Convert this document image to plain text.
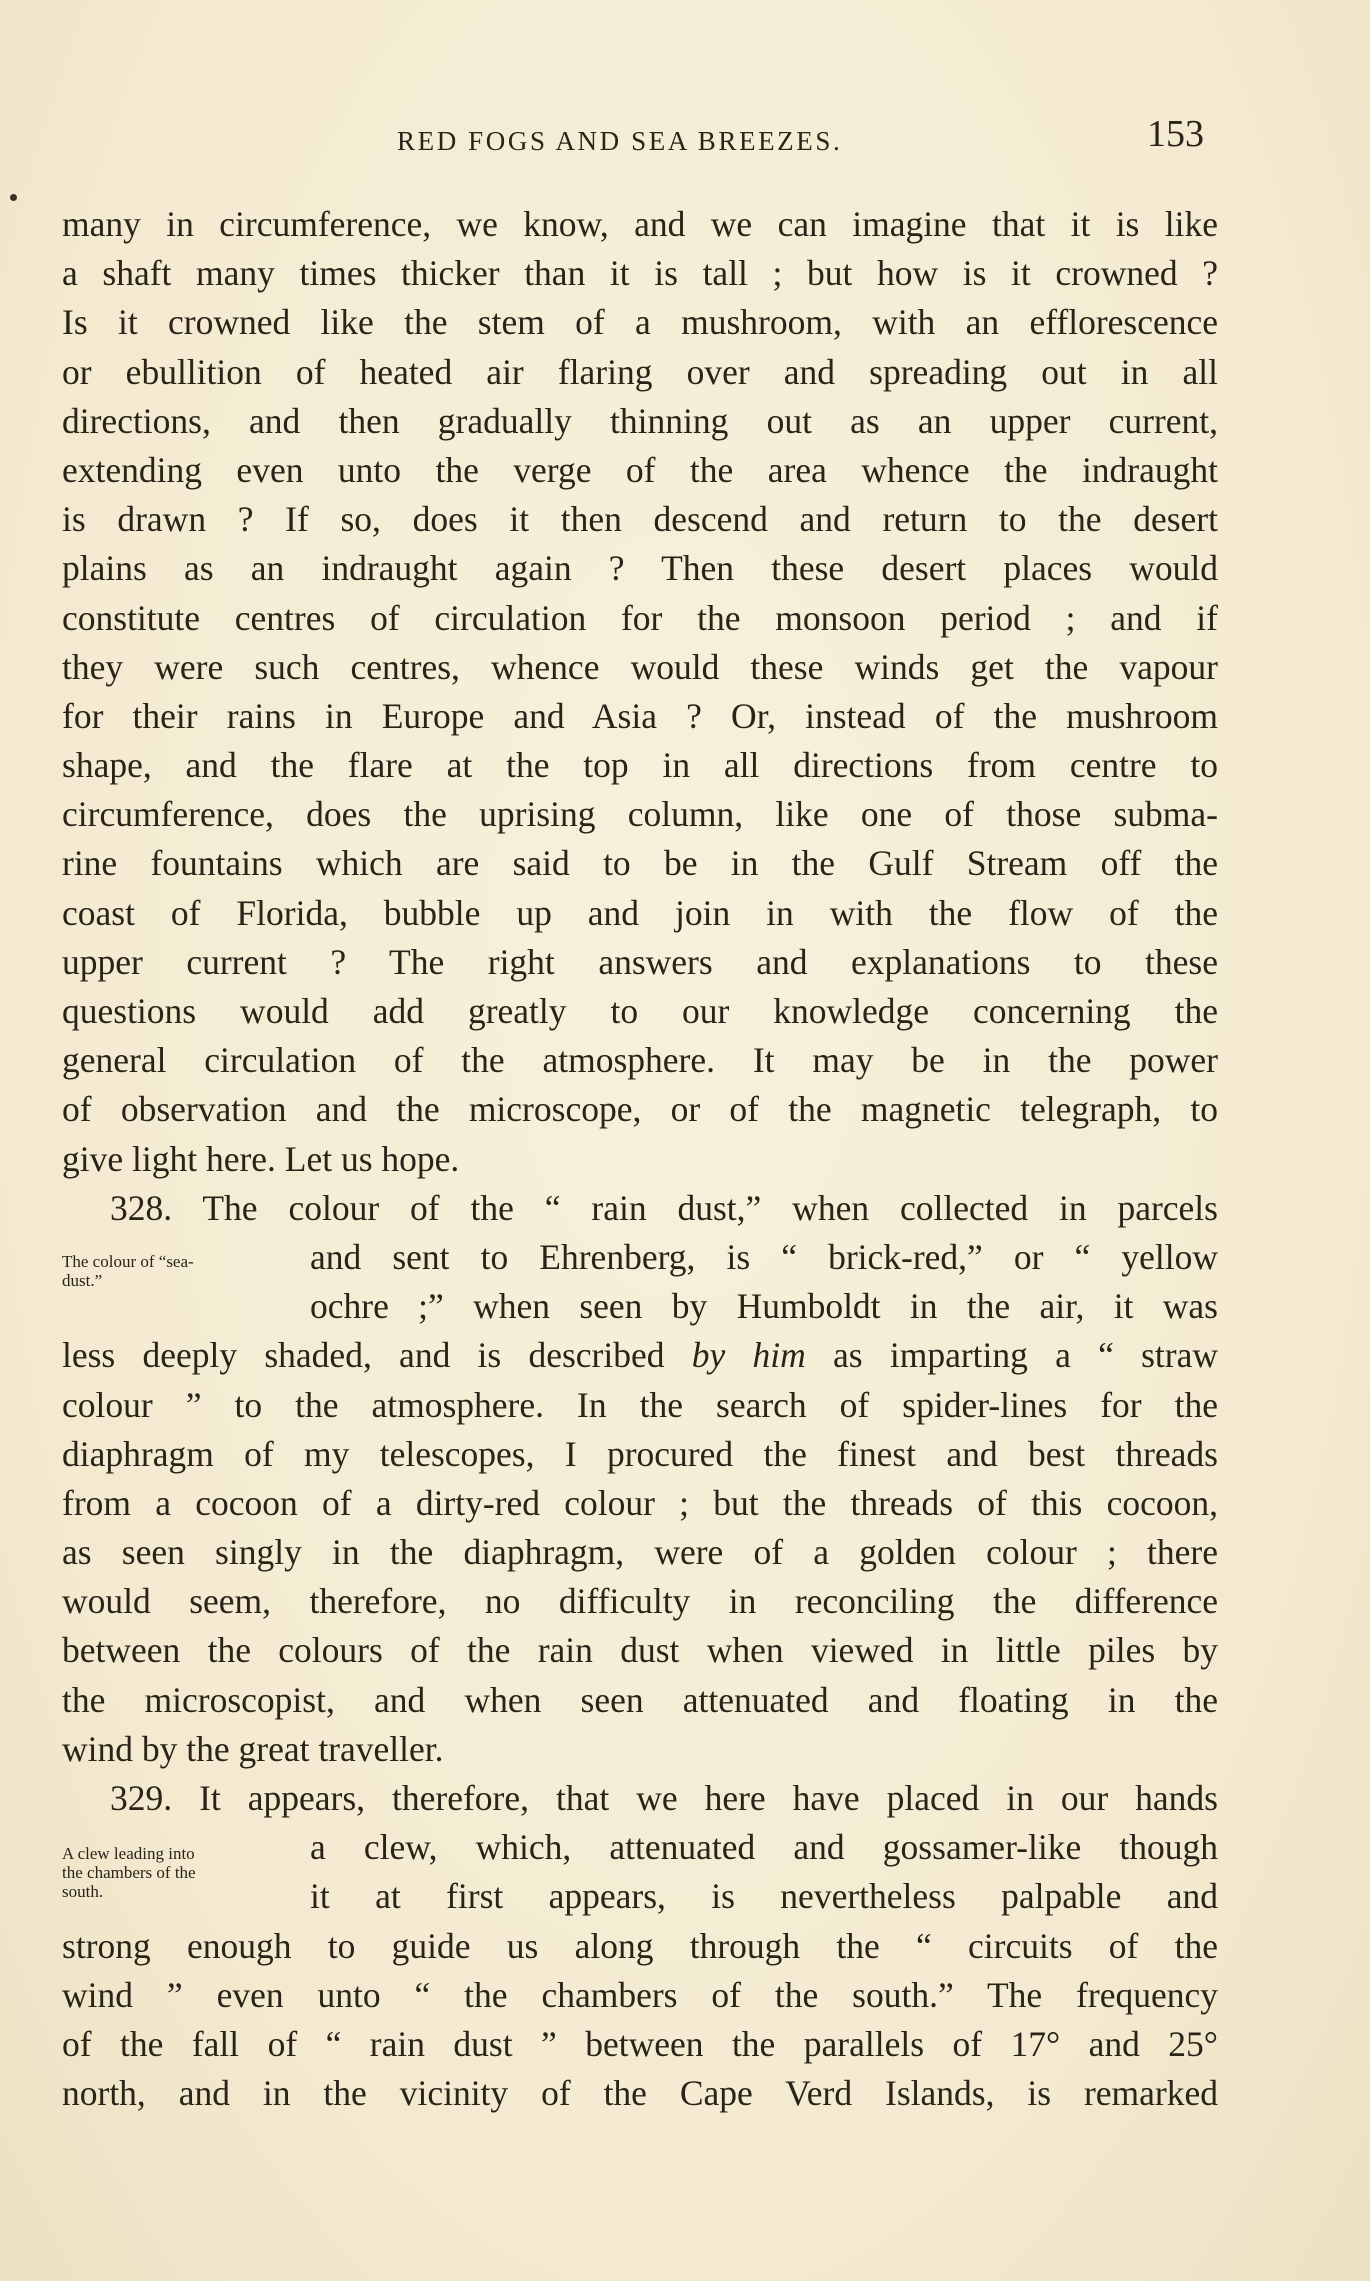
RED FOGS AND SEA BREEZES.	153
The colour of “sea-
dust.”
A clew leading into
the chambers of the
south.
many in circumference, we know, and we can imagine that it is like
a shaft many times thicker than it is tall ; but how is it crowned ?
Is it crowned like the stem of a mushroom, with an efflorescence
or ebullition of heated air flaring over and spreading out in all
directions, and then gradually thinning out as an upper current,
extending even unto the verge of the area whence the indraught
is drawn ? If so, does it then descend and return to the desert
plains as an indraught again ? Then these desert places would
constitute centres of circulation for the monsoon period ; and if
they were such centres, whence would these winds get the vapour
for their rains in Europe and Asia ? Or, instead of the mushroom
shape, and the flare at the top in all directions from centre to
circumference, does the uprising column, like one of those subma-
rine fountains which are said to be in the Gulf Stream off the
coast of Florida, bubble up and join in with the flow of the
upper current ? The right answers and explanations to these
questions would add greatly to our knowledge concerning the
general circulation of the atmosphere. It may be in the power
of observation and the microscope, or of the magnetic telegraph, to
give light here. Let us hope.
328. The colour of the “ rain dust,” when collected in parcels
and sent to Ehrenberg, is “ brick-red,” or “ yellow
ochre ;” when seen by Humboldt in the air, it was
less deeply shaded, and is described by him as imparting a “ straw
colour ” to the atmosphere. In the search of spider-lines for the
diaphragm of my telescopes, I procured the finest and best threads
from a cocoon of a dirty-red colour ; but the threads of this cocoon,
as seen singly in the diaphragm, were of a golden colour ; there
would seem, therefore, no difficulty in reconciling the difference
between the colours of the rain dust when viewed in little piles by
the microscopist, and when seen attenuated and floating in the
wind by the great traveller.
329. It appears, therefore, that we here have placed in our hands
a clew, which, attenuated and gossamer-like though
it at first appears, is nevertheless palpable and
strong enough to guide us along through the “ circuits of the
wind ” even unto “ the chambers of the south.” The frequency
of the fall of “ rain dust ” between the parallels of 17° and 25°
north, and in the vicinity of the Cape Verd Islands, is remarked
